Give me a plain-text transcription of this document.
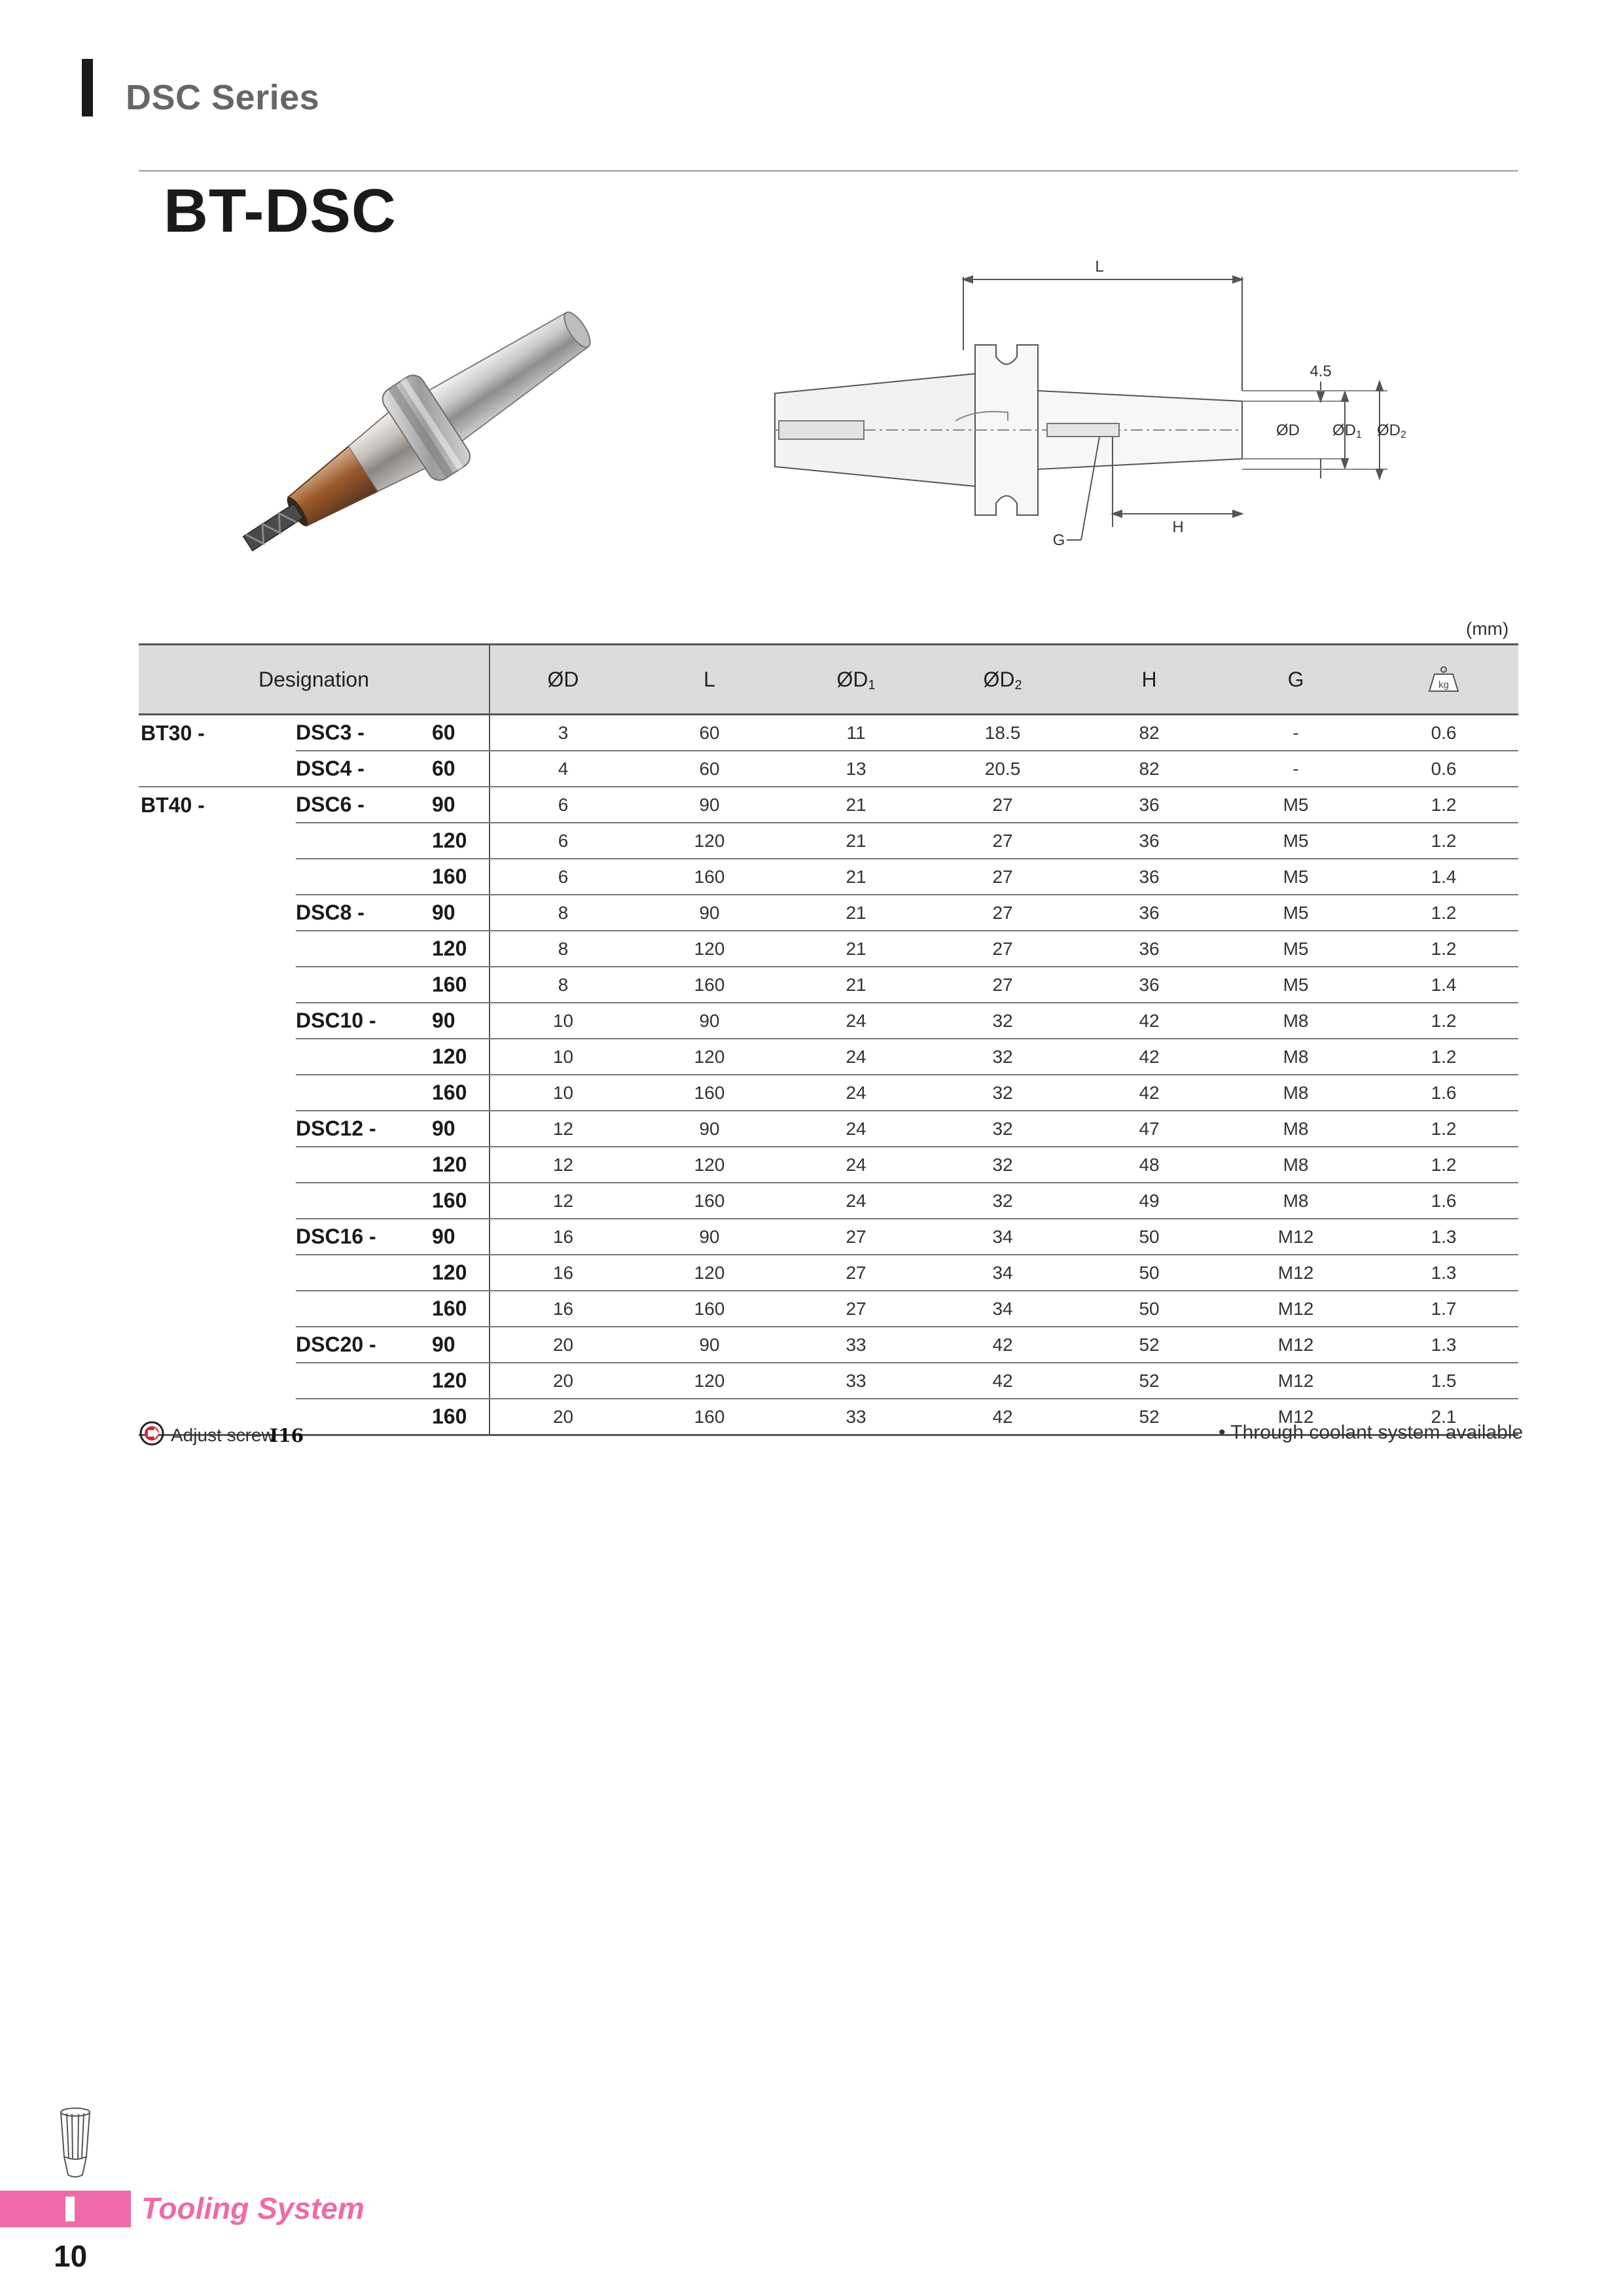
DSC Series
BT-DSC
L
4.5
ØD ØD1 ØD2
G
H
(mm)
Designation			ØD	L	$ØD_1$	$ØD_2$	H	G	kg

BT30 -	DSC3 -	60	3	60	11	18.5	82	-	0.6
	DSC4 -	60	4	60	13	20.5	82	-	0.6
BT40 -	DSC6 -	90	6	90	21	27	36	M5	1.2
		120	6	120	21	27	36	M5	1.2
		160	6	160	21	27	36	M5	1.4
	DSC8 -	90	8	90	21	27	36	M5	1.2
		120	8	120	21	27	36	M5	1.2
		160	8	160	21	27	36	M5	1.4
	DSC10 -	90	10	90	24	32	42	M8	1.2
		120	10	120	24	32	42	M8	1.2
		160	10	160	24	32	42	M8	1.6
	DSC12 -	90	12	90	24	32	47	M8	1.2
		120	12	120	24	32	48	M8	1.2
		160	12	160	24	32	49	M8	1.6
	DSC16 -	90	16	90	27	34	50	M12	1.3
		120	16	120	27	34	50	M12	1.3
		160	16	160	27	34	50	M12	1.7
	DSC20 -	90	20	90	33	42	52	M12	1.3
		120	20	120	33	42	52	M12	1.5
		160	20	160	33	42	52	M12	2.1
Adjust screw
I16	• Through coolant system available
Tooling System
10
